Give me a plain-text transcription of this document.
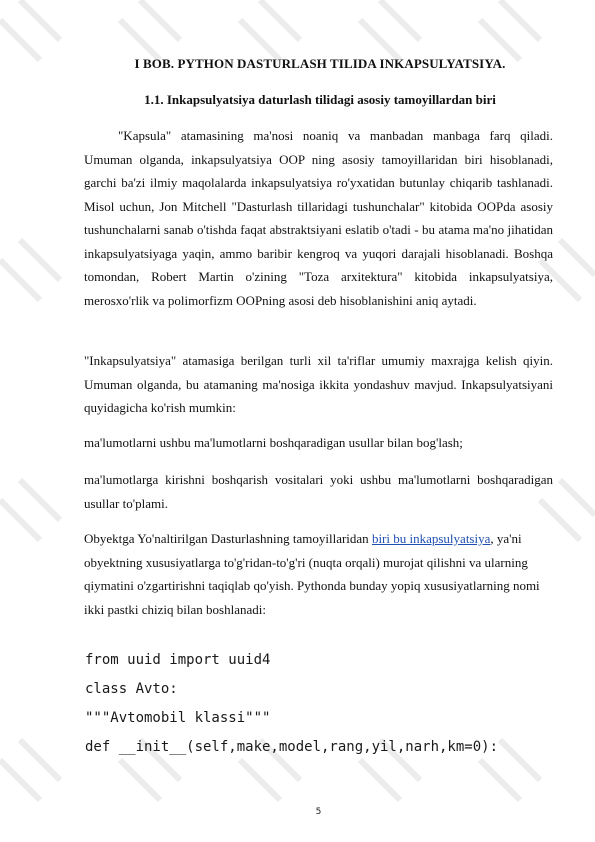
I BOB. PYTHON DASTURLASH TILIDA INKAPSULYATSIYA.
1.1. Inkapsulyatsiya daturlash tilidagi asosiy tamoyillardan biri

"Kapsula" atamasining ma'nosi noaniq va manbadan manbaga farq qiladi. Umuman olganda, inkapsulyatsiya OOP ning asosiy tamoyillaridan biri hisoblanadi, garchi ba'zi ilmiy maqolalarda inkapsulyatsiya ro'yxatidan butunlay chiqarib tashlanadi. Misol uchun, Jon Mitchell "Dasturlash tillaridagi tushunchalar" kitobida OOPda asosiy tushunchalarni sanab o'tishda faqat abstraktsiyani eslatib o'tadi - bu atama ma'no jihatidan inkapsulyatsiyaga yaqin, ammo baribir kengroq va yuqori darajali hisoblanadi. Boshqa tomondan, Robert Martin o'zining "Toza arxitektura" kitobida inkapsulyatsiya, merosxo'rlik va polimorfizm OOPning asosi deb hisoblanishini aniq aytadi.

"Inkapsulyatsiya" atamasiga berilgan turli xil ta'riflar umumiy maxrajga kelish qiyin. Umuman olganda, bu atamaning ma'nosiga ikkita yondashuv mavjud. Inkapsulyatsiyani quyidagicha ko'rish mumkin:

ma'lumotlarni ushbu ma'lumotlarni boshqaradigan usullar bilan bog'lash;

ma'lumotlarga kirishni boshqarish vositalari yoki ushbu ma'lumotlarni boshqaradigan usullar to'plami.

Obyektga Yo'naltirilgan Dasturlashning tamoyillaridan biri bu inkapsulyatsiya, ya'ni obyektning xususiyatlarga to'g'ridan-to'g'ri (nuqta orqali) murojat qilishni va ularning qiymatini o'zgartirishni taqiqlab qo'yish. Pythonda bunday yopiq xususiyatlarning nomi ikki pastki chiziq bilan boshlanadi:

from uuid import uuid4
class Avto:
"""Avtomobil klassi"""
def __init__(self,make,model,rang,yil,narh,km=0):
5
